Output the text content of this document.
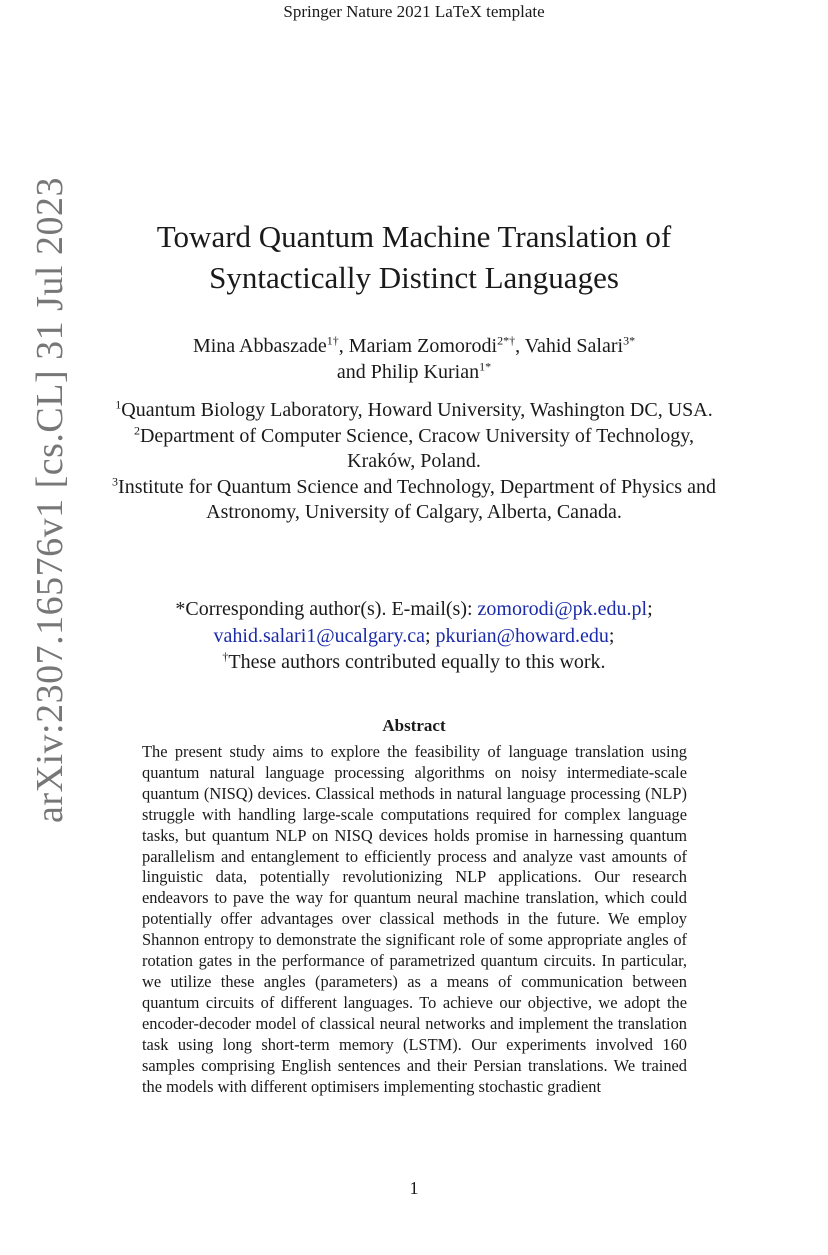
Springer Nature 2021 LaTeX template
arXiv:2307.16576v1 [cs.CL] 31 Jul 2023	Toward Quantum Machine Translation of
Syntactically Distinct Languages
Mina Abbaszade$^{1\dagger}$, Mariam Zomorodi$^{2*\dagger}$, Vahid Salari$^{3*}$
and Philip Kurian$^{1*}$
$^1$Quantum Biology Laboratory, Howard University, Washington DC, USA.
$^2$Department of Computer Science, Cracow University of Technology, Kraków, Poland.
$^3$Institute for Quantum Science and Technology, Department of Physics and Astronomy, University of Calgary, Alberta, Canada.
*Corresponding author(s). E-mail(s): zomorodi@pk.edu.pl;
vahid.salari1@ucalgary.ca; pkurian@howard.edu;
†These authors contributed equally to this work.
Abstract
The present study aims to explore the feasibility of language translation using quantum natural language processing algorithms on noisy intermediate-scale quantum (NISQ) devices. Classical methods in natural language processing (NLP) struggle with handling large-scale computations required for complex language tasks, but quantum NLP on NISQ devices holds promise in harnessing quantum parallelism and entanglement to efficiently process and analyze vast amounts of linguistic data, potentially revolutionizing NLP applications. Our research endeavors to pave the way for quantum neural machine translation, which could potentially offer advantages over classical methods in the future. We employ Shannon entropy to demonstrate the significant role of some appropriate angles of rotation gates in the performance of parametrized quantum circuits. In particular, we utilize these angles (parameters) as a means of communication between quantum circuits of different languages. To achieve our objective, we adopt the encoder-decoder model of classical neural networks and implement the translation task using long short-term memory (LSTM). Our experiments involved 160 samples comprising English sentences and their Persian translations. We trained the models with different optimisers implementing stochastic gradient
1
